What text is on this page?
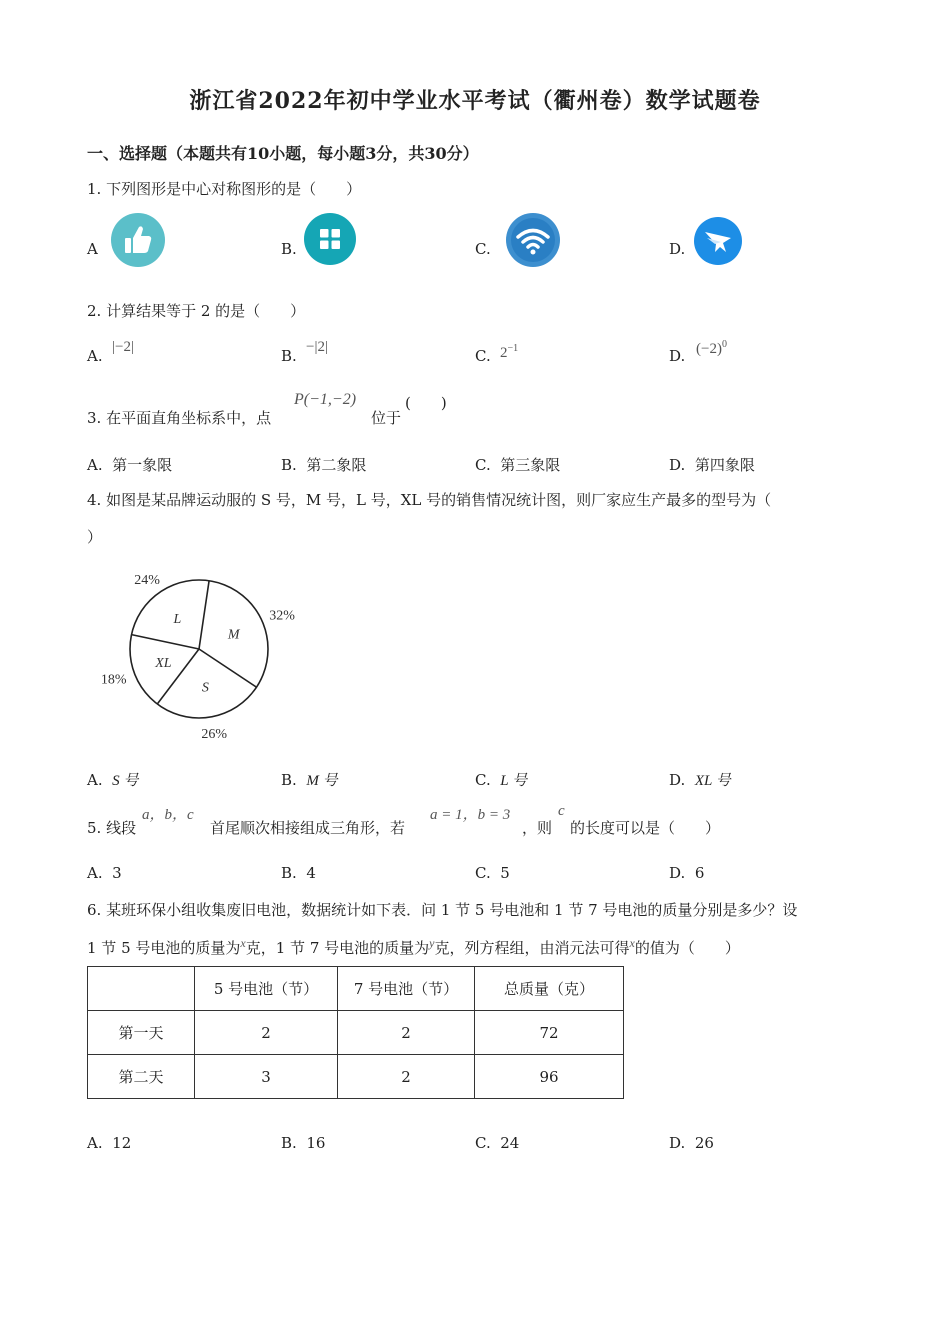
浙江省2022年初中学业水平考试（衢州卷）数学试题卷
一、选择题（本题共有10小题，每小题3分，共30分）
1. 下列图形是中心对称图形的是（　　）
A	B.	C.	D.
2. 计算结果等于 2 的是（　　）
A. |−2|	B. −|2|	C. $2^{-1}$	D. $(-2)^0$
3. 在平面直角坐标系中，点
P(−1,−2)
位于
(　　)
A. 第一象限	B. 第二象限	C. 第三象限	D. 第四象限
4. 如图是某品牌运动服的 S 号，M 号，L 号，XL 号的销售情况统计图，则厂家应生产最多的型号为（
）
L
24%
M
32%
S
26%
XL
18%
A. S 号	B. M 号	C. L 号	D. XL 号
5. 线段
a，b，c
首尾顺次相接组成三角形，若
a = 1，b = 3
，则
c
的长度可以是（　　）
A. 3	B. 4	C. 5	D. 6
6. 某班环保小组收集废旧电池，数据统计如下表．问 1 节 5 号电池和 1 节 7 号电池的质量分别是多少？设
1 节 5 号电池的质量为$^x$克，1 节 7 号电池的质量为$^y$克，列方程组，由消元法可得$^x$的值为（　　）
	5 号电池（节）	7 号电池（节）	总质量（克）
第一天	2	2	72
第二天	3	2	96
A. 12	B. 16	C. 24	D. 26
